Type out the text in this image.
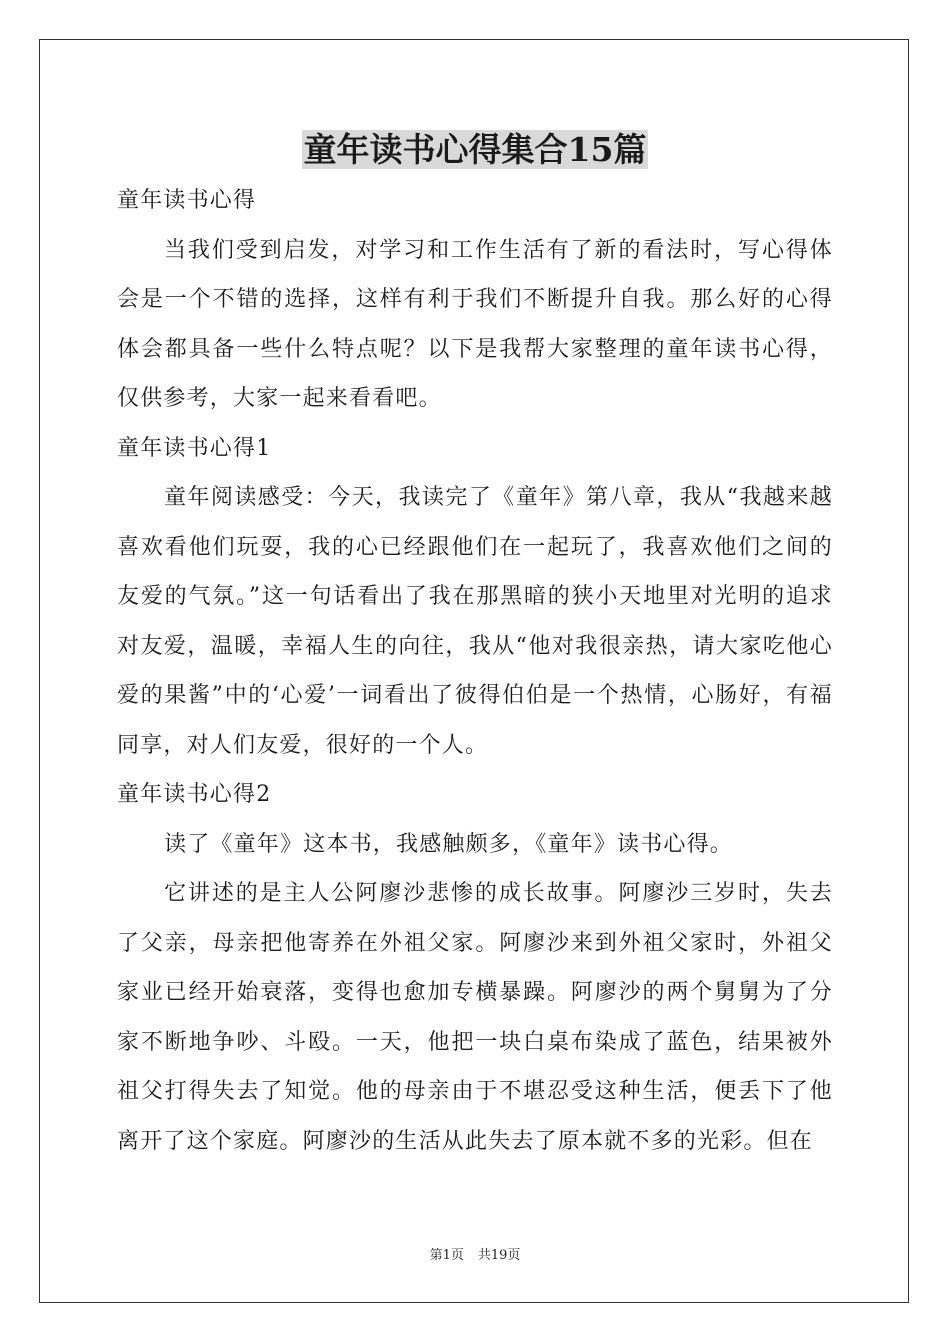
童年读书心得集合15篇

童年读书心得

当我们受到启发，对学习和工作生活有了新的看法时，写心得体会是一个不错的选择，这样有利于我们不断提升自我。那么好的心得体会都具备一些什么特点呢？以下是我帮大家整理的童年读书心得，仅供参考，大家一起来看看吧。

童年读书心得1

童年阅读感受：今天，我读完了《童年》第八章，我从“我越来越喜欢看他们玩耍，我的心已经跟他们在一起玩了，我喜欢他们之间的友爱的气氛。”这一句话看出了我在那黑暗的狭小天地里对光明的追求对友爱，温暖，幸福人生的向往，我从“他对我很亲热，请大家吃他心爱的果酱”中的‘心爱’一词看出了彼得伯伯是一个热情，心肠好，有福同享，对人们友爱，很好的一个人。

童年读书心得2

读了《童年》这本书，我感触颇多，《童年》读书心得。

它讲述的是主人公阿廖沙悲惨的成长故事。阿廖沙三岁时，失去了父亲，母亲把他寄养在外祖父家。阿廖沙来到外祖父家时，外祖父家业已经开始衰落，变得也愈加专横暴躁。阿廖沙的两个舅舅为了分家不断地争吵、斗殴。一天，他把一块白桌布染成了蓝色，结果被外祖父打得失去了知觉。他的母亲由于不堪忍受这种生活，便丢下了他离开了这个家庭。阿廖沙的生活从此失去了原本就不多的光彩。但在

第1页 共19页
